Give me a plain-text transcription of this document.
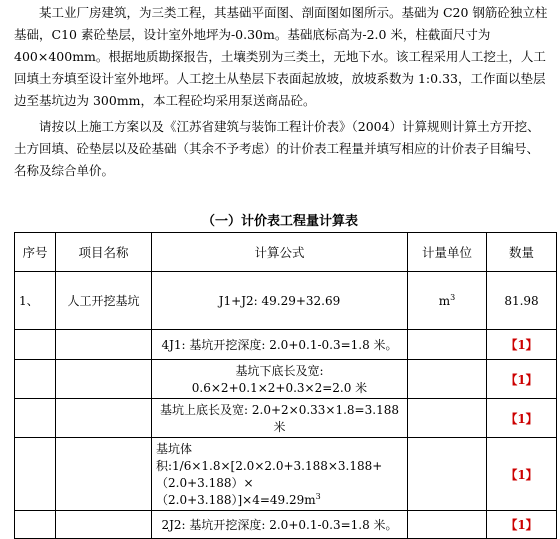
某工业厂房建筑，为三类工程，其基础平面图、剖面图如图所示。基础为 C20 钢筋砼独立柱基础，C10 素砼垫层，设计室外地坪为-0.30m。基础底标高为-2.0 米，柱截面尺寸为 400×400mm。根据地质勘探报告，土壤类别为三类土，无地下水。该工程采用人工挖土，人工回填土夯填至设计室外地坪。人工挖土从垫层下表面起放坡，放坡系数为 1:0.33，工作面以垫层边至基坑边为 300mm，本工程砼均采用泵送商品砼。

请按以上施工方案以及《江苏省建筑与装饰工程计价表》（2004）计算规则计算土方开挖、土方回填、砼垫层以及砼基础（其余不予考虑）的计价表工程量并填写相应的计价表子目编号、名称及综合单价。

（一）计价表工程量计算表
序号	项目名称	计算公式	计量单位	数量
1、	人工开挖基坑	J1+J2: 49.29+32.69	$m^3$	81.98
		4J1: 基坑开挖深度: 2.0+0.1-0.3=1.8 米。		【1】
		基坑下底长及宽: 0.6×2+0.1×2+0.3×2=2.0 米		【1】
		基坑上底长及宽: 2.0+2×0.33×1.8=3.188 米		【1】

		基坑体积:1/6×1.8×[2.0×2.0+3.188×3.188+
$(2.0+3.188)\times(2.0+3.188)]\times 4=49.29m^3$		【1】
		2J2: 基坑开挖深度: 2.0+0.1-0.3=1.8 米。		【1】
